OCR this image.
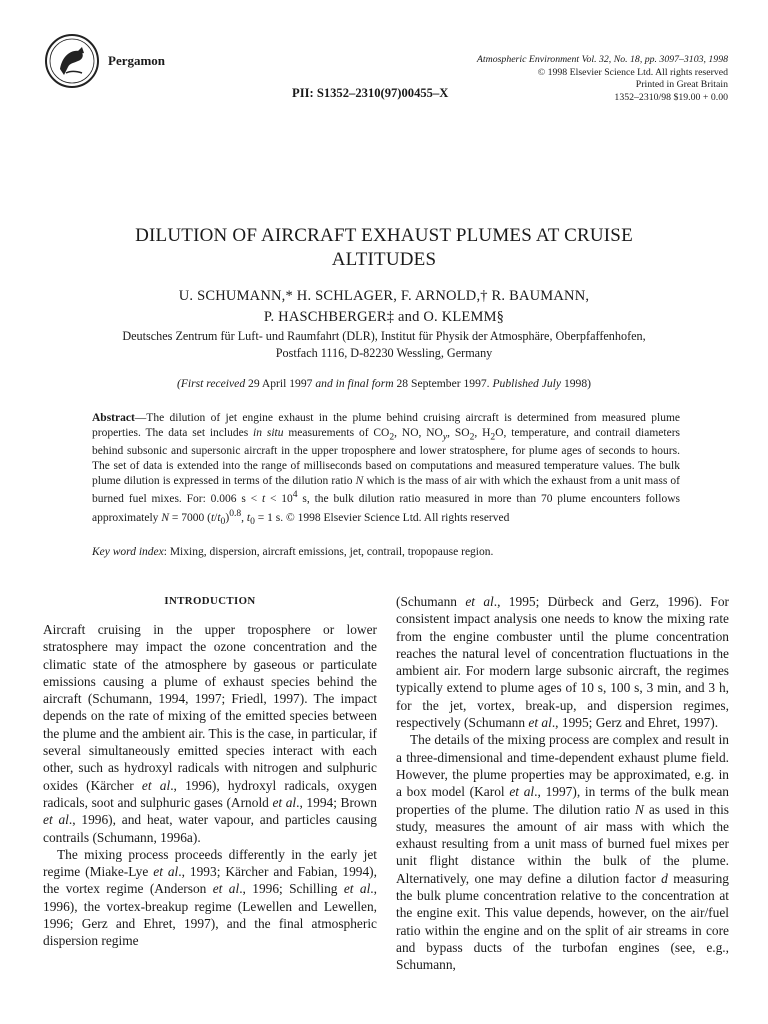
Pergamon	Atmospheric Environment Vol. 32, No. 18, pp. 3097–3103, 1998
© 1998 Elsevier Science Ltd. All rights reserved
Printed in Great Britain
1352–2310/98 $19.00 + 0.00
PII: S1352–2310(97)00455–X
DILUTION OF AIRCRAFT EXHAUST PLUMES AT CRUISE
ALTITUDES
U. SCHUMANN,* H. SCHLAGER, F. ARNOLD,† R. BAUMANN,
P. HASCHBERGER‡ and O. KLEMM§
Deutsches Zentrum für Luft- und Raumfahrt (DLR), Institut für Physik der Atmosphäre, Oberpfaffenhofen,
Postfach 1116, D-82230 Wessling, Germany
(First received 29 April 1997 and in final form 28 September 1997. Published July 1998)
Abstract—The dilution of jet engine exhaust in the plume behind cruising aircraft is determined from measured plume properties. The data set includes in situ measurements of $CO_2$, NO, $NO_y$, $SO_2$, $H_2O$, temperature, and contrail diameters behind subsonic and supersonic aircraft in the upper troposphere and lower stratosphere, for plume ages of seconds to hours. The set of data is extended into the range of milliseconds based on computations and measured temperature values. The bulk plume dilution is expressed in terms of the dilution ratio N which is the mass of air with which the exhaust from a unit mass of burned fuel mixes. For: 0.006 $s < t < 10^4$ s, the bulk dilution ratio measured in more than 70 plume encounters follows approximately N = 7000 $(t/t_0)^{0.8}$, $t_0 = 1$ s. © 1998 Elsevier Science Ltd. All rights reserved
Key word index: Mixing, dispersion, aircraft emissions, jet, contrail, tropopause region.
INTRODUCTION

Aircraft cruising in the upper troposphere or lower stratosphere may impact the ozone concentration and the climatic state of the atmosphere by gaseous or particulate emissions causing a plume of exhaust species behind the aircraft (Schumann, 1994, 1997; Friedl, 1997). The impact depends on the rate of mixing of the emitted species between the plume and the ambient air. This is the case, in particular, if several simultaneously emitted species interact with each other, such as hydroxyl radicals with nitrogen and sulphuric oxides (Kärcher et al., 1996), hydroxyl radicals, oxygen radicals, soot and sulphuric gases (Arnold et al., 1994; Brown et al., 1996), and heat, water vapour, and particles causing contrails (Schumann, 1996a).

The mixing process proceeds differently in the early jet regime (Miake-Lye et al., 1993; Kärcher and Fabian, 1994), the vortex regime (Anderson et al., 1996; Schilling et al., 1996), the vortex-breakup regime (Lewellen and Lewellen, 1996; Gerz and Ehret, 1997), and the final atmospheric dispersion regime

(Schumann et al., 1995; Dürbeck and Gerz, 1996). For consistent impact analysis one needs to know the mixing rate from the engine combuster until the plume concentration reaches the natural level of concentration fluctuations in the ambient air. For modern large subsonic aircraft, the regimes typically extend to plume ages of 10 s, 100 s, 3 min, and 3 h, for the jet, vortex, break-up, and dispersion regimes, respectively (Schumann et al., 1995; Gerz and Ehret, 1997).

The details of the mixing process are complex and result in a three-dimensional and time-dependent exhaust plume field. However, the plume properties may be approximated, e.g. in a box model (Karol et al., 1997), in terms of the bulk mean properties of the plume. The dilution ratio N as used in this study, measures the amount of air mass with which the exhaust resulting from a unit mass of burned fuel mixes per unit flight distance within the bulk of the plume. Alternatively, one may define a dilution factor d measuring the bulk plume concentration relative to the concentration at the engine exit. This value depends, however, on the air/fuel ratio within the engine and on the split of air streams in core and bypass ducts of the turbofan engines (see, e.g., Schumann,
